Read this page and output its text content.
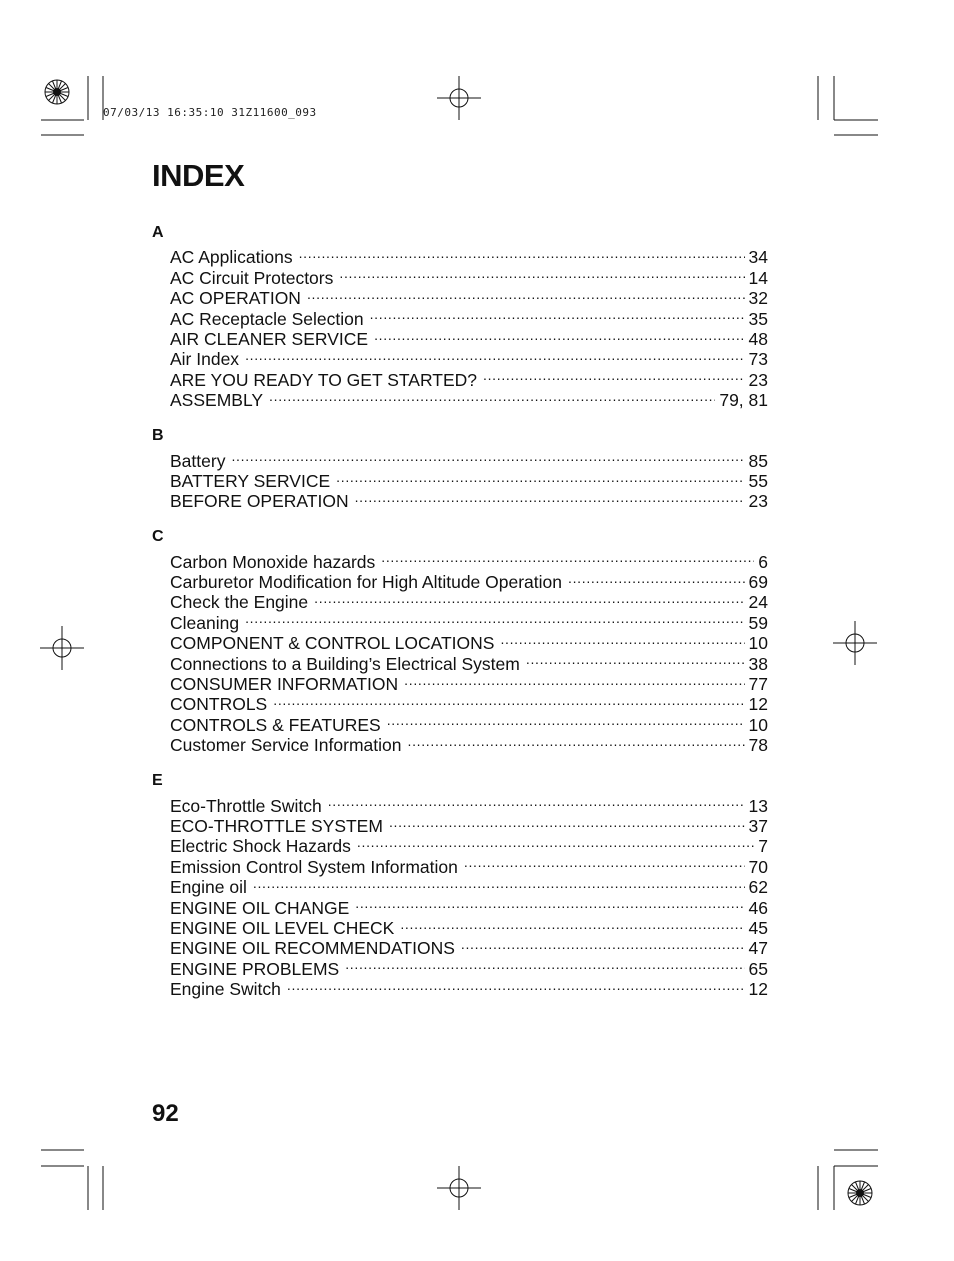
07/03/13 16:35:10 31Z11600_093
INDEX
A
AC Applications . . .	34
AC Circuit Protectors . . .	14
AC OPERATION . . .	32
AC Receptacle Selection . . .	35
AIR CLEANER SERVICE . . .	48
Air Index . . .	73
ARE YOU READY TO GET STARTED? . . .	23
ASSEMBLY . . .	79, 81
B
Battery . . .	85
BATTERY SERVICE . . .	55
BEFORE OPERATION . . .	23
C
Carbon Monoxide hazards . . .	6
Carburetor Modification for High Altitude Operation . . .	69
Check the Engine . . .	24
Cleaning . . .	59
COMPONENT & CONTROL LOCATIONS . . .	10
Connections to a Building’s Electrical System . . .	38
CONSUMER INFORMATION . . .	77
CONTROLS . . .	12
CONTROLS & FEATURES . . .	10
Customer Service Information . . .	78
E
Eco-Throttle Switch . . .	13
ECO-THROTTLE SYSTEM . . .	37
Electric Shock Hazards . . .	7
Emission Control System Information . . .	70
Engine oil . . .	62
ENGINE OIL CHANGE . . .	46
ENGINE OIL LEVEL CHECK . . .	45
ENGINE OIL RECOMMENDATIONS . . .	47
ENGINE PROBLEMS . . .	65
Engine Switch . . .	12
92
